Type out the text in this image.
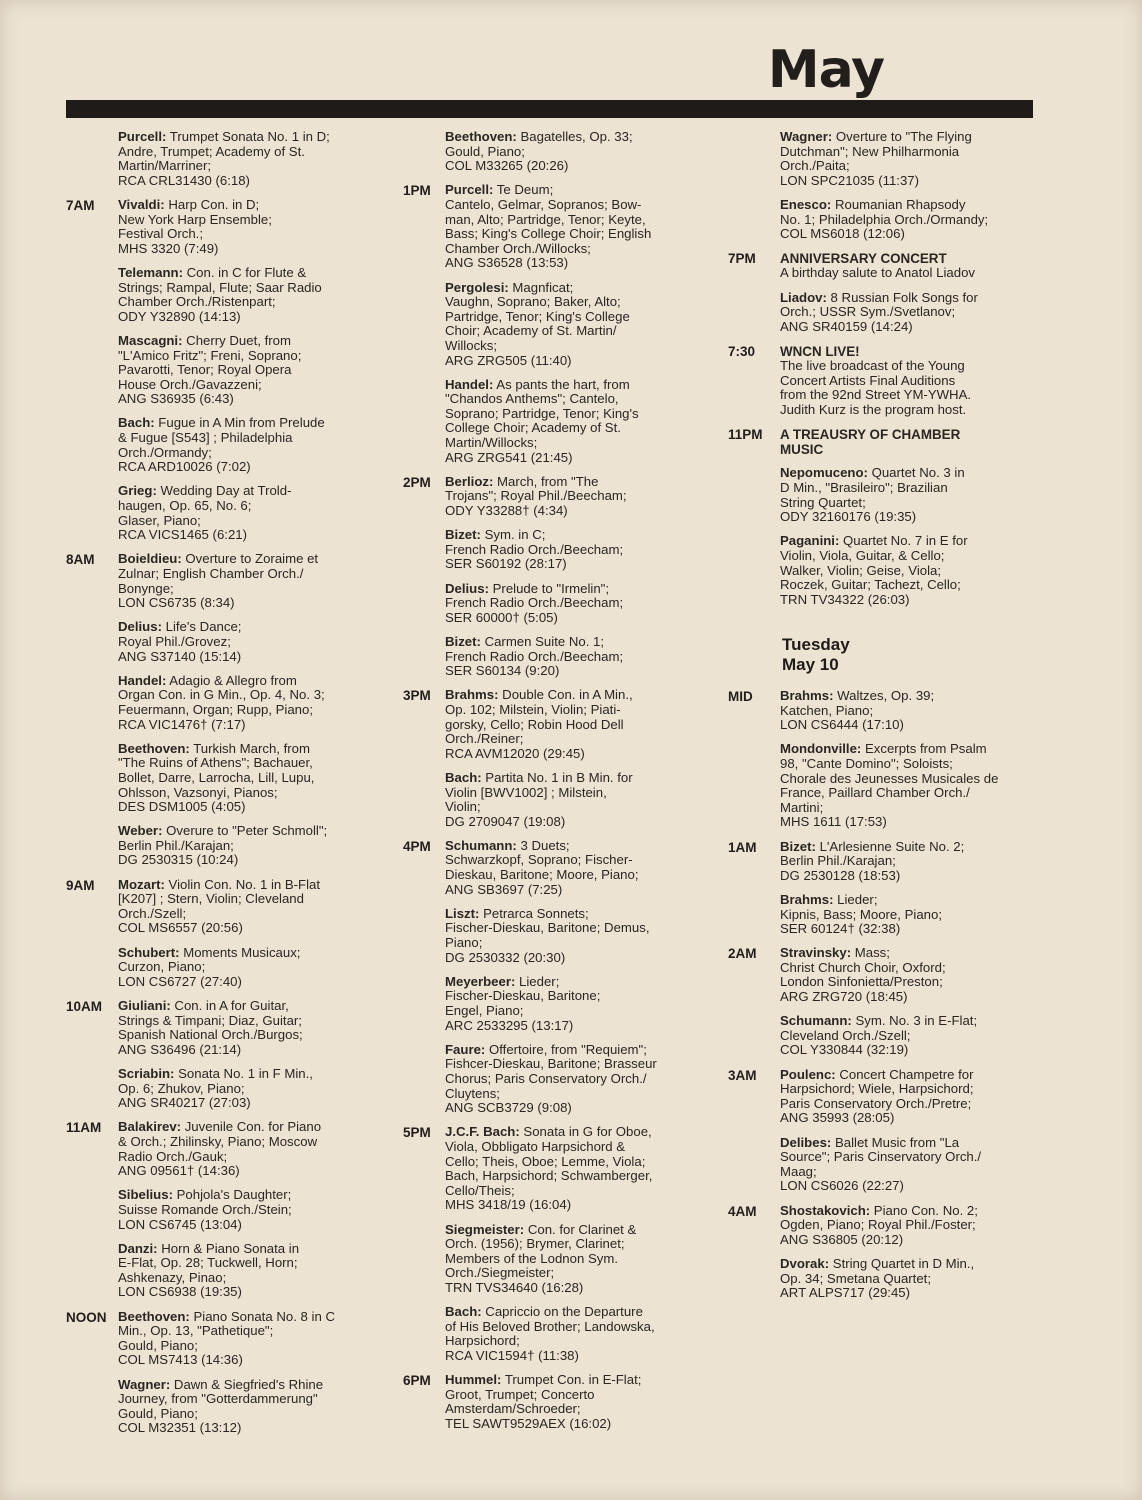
May
Purcell: Trumpet Sonata No. 1 in D;
Andre, Trumpet; Academy of St.
Martin/Marriner;
RCA CRL31430 (6:18)
7AM	Vivaldi: Harp Con. in D;
New York Harp Ensemble;
Festival Orch.;
MHS 3320 (7:49)
Telemann: Con. in C for Flute &
Strings; Rampal, Flute; Saar Radio
Chamber Orch./Ristenpart;
ODY Y32890 (14:13)
Mascagni: Cherry Duet, from
"L'Amico Fritz"; Freni, Soprano;
Pavarotti, Tenor; Royal Opera
House Orch./Gavazzeni;
ANG S36935 (6:43)
Bach: Fugue in A Min from Prelude
& Fugue [S543] ; Philadelphia
Orch./Ormandy;
RCA ARD10026 (7:02)
Grieg: Wedding Day at Trold-
haugen, Op. 65, No. 6;
Glaser, Piano;
RCA VICS1465 (6:21)
8AM	Boieldieu: Overture to Zoraime et
Zulnar; English Chamber Orch./
Bonynge;
LON CS6735 (8:34)
Delius: Life's Dance;
Royal Phil./Grovez;
ANG S37140 (15:14)
Handel: Adagio & Allegro from
Organ Con. in G Min., Op. 4, No. 3;
Feuermann, Organ; Rupp, Piano;
RCA VIC1476† (7:17)
Beethoven: Turkish March, from
"The Ruins of Athens"; Bachauer,
Bollet, Darre, Larrocha, Lill, Lupu,
Ohlsson, Vazsonyi, Pianos;
DES DSM1005 (4:05)
Weber: Overure to "Peter Schmoll";
Berlin Phil./Karajan;
DG 2530315 (10:24)
9AM	Mozart: Violin Con. No. 1 in B-Flat
[K207] ; Stern, Violin; Cleveland
Orch./Szell;
COL MS6557 (20:56)
Schubert: Moments Musicaux;
Curzon, Piano;
LON CS6727 (27:40)
10AM	Giuliani: Con. in A for Guitar,
Strings & Timpani; Diaz, Guitar;
Spanish National Orch./Burgos;
ANG S36496 (21:14)
Scriabin: Sonata No. 1 in F Min.,
Op. 6; Zhukov, Piano;
ANG SR40217 (27:03)
11AM	Balakirev: Juvenile Con. for Piano
& Orch.; Zhilinsky, Piano; Moscow
Radio Orch./Gauk;
ANG 09561† (14:36)
Sibelius: Pohjola's Daughter;
Suisse Romande Orch./Stein;
LON CS6745 (13:04)
Danzi: Horn & Piano Sonata in
E-Flat, Op. 28; Tuckwell, Horn;
Ashkenazy, Pinao;
LON CS6938 (19:35)
NOON Beethoven: Piano Sonata No. 8 in C
Min., Op. 13, "Pathetique";
Gould, Piano;
COL MS7413 (14:36)
Wagner: Dawn & Siegfried's Rhine
Journey, from "Gotterdammerung"
Gould, Piano;
COL M32351 (13:12)
Beethoven: Bagatelles, Op. 33;
Gould, Piano;
COL M33265 (20:26)
1PM	Purcell: Te Deum;
Cantelo, Gelmar, Sopranos; Bow-
man, Alto; Partridge, Tenor; Keyte,
Bass; King's College Choir; English
Chamber Orch./Willocks;
ANG S36528 (13:53)
Pergolesi: Magnficat;
Vaughn, Soprano; Baker, Alto;
Partridge, Tenor; King's College
Choir; Academy of St. Martin/
Willocks;
ARG ZRG505 (11:40)
Handel: As pants the hart, from
"Chandos Anthems"; Cantelo,
Soprano; Partridge, Tenor; King's
College Choir; Academy of St.
Martin/Willocks;
ARG ZRG541 (21:45)
2PM	Berlioz: March, from "The
Trojans"; Royal Phil./Beecham;
ODY Y33288† (4:34)
Bizet: Sym. in C;
French Radio Orch./Beecham;
SER S60192 (28:17)
Delius: Prelude to "Irmelin";
French Radio Orch./Beecham;
SER 60000† (5:05)
Bizet: Carmen Suite No. 1;
French Radio Orch./Beecham;
SER S60134 (9:20)
3PM	Brahms: Double Con. in A Min.,
Op. 102; Milstein, Violin; Piati-
gorsky, Cello; Robin Hood Dell
Orch./Reiner;
RCA AVM12020 (29:45)
Bach: Partita No. 1 in B Min. for
Violin [BWV1002] ; Milstein,
Violin;
DG 2709047 (19:08)
4PM	Schumann: 3 Duets;
Schwarzkopf, Soprano; Fischer-
Dieskau, Baritone; Moore, Piano;
ANG SB3697 (7:25)
Liszt: Petrarca Sonnets;
Fischer-Dieskau, Baritone; Demus,
Piano;
DG 2530332 (20:30)
Meyerbeer: Lieder;
Fischer-Dieskau, Baritone;
Engel, Piano;
ARC 2533295 (13:17)
Faure: Offertoire, from "Requiem";
Fishcer-Dieskau, Baritone; Brasseur
Chorus; Paris Conservatory Orch./
Cluytens;
ANG SCB3729 (9:08)
5PM	J.C.F. Bach: Sonata in G for Oboe,
Viola, Obbligato Harpsichord &
Cello; Theis, Oboe; Lemme, Viola;
Bach, Harpsichord; Schwamberger,
Cello/Theis;
MHS 3418/19 (16:04)
Siegmeister: Con. for Clarinet &
Orch. (1956); Brymer, Clarinet;
Members of the Lodnon Sym.
Orch./Siegmeister;
TRN TVS34640 (16:28)
Bach: Capriccio on the Departure
of His Beloved Brother; Landowska,
Harpsichord;
RCA VIC1594† (11:38)
6PM	Hummel: Trumpet Con. in E-Flat;
Groot, Trumpet; Concerto
Amsterdam/Schroeder;
TEL SAWT9529AEX (16:02)
Wagner: Overture to "The Flying
Dutchman"; New Philharmonia
Orch./Paita;
LON SPC21035 (11:37)
Enesco: Roumanian Rhapsody
No. 1; Philadelphia Orch./Ormandy;
COL MS6018 (12:06)
7PM	ANNIVERSARY CONCERT
A birthday salute to Anatol Liadov
Liadov: 8 Russian Folk Songs for
Orch.; USSR Sym./Svetlanov;
ANG SR40159 (14:24)
7:30	WNCN LIVE!
The live broadcast of the Young
Concert Artists Final Auditions
from the 92nd Street YM-YWHA.
Judith Kurz is the program host.
11PM	A TREAUSRY OF CHAMBER
MUSIC
Nepomuceno: Quartet No. 3 in
D Min., "Brasileiro"; Brazilian
String Quartet;
ODY 32160176 (19:35)
Paganini: Quartet No. 7 in E for
Violin, Viola, Guitar, & Cello;
Walker, Violin; Geise, Viola;
Roczek, Guitar; Tachezt, Cello;
TRN TV34322 (26:03)
Tuesday
May 10
MID	Brahms: Waltzes, Op. 39;
Katchen, Piano;
LON CS6444 (17:10)
Mondonville: Excerpts from Psalm
98, "Cante Domino"; Soloists;
Chorale des Jeunesses Musicales de
France, Paillard Chamber Orch./
Martini;
MHS 1611 (17:53)
1AM	Bizet: L'Arlesienne Suite No. 2;
Berlin Phil./Karajan;
DG 2530128 (18:53)
Brahms: Lieder;
Kipnis, Bass; Moore, Piano;
SER 60124† (32:38)
2AM	Stravinsky: Mass;
Christ Church Choir, Oxford;
London Sinfonietta/Preston;
ARG ZRG720 (18:45)
Schumann: Sym. No. 3 in E-Flat;
Cleveland Orch./Szell;
COL Y330844 (32:19)
3AM	Poulenc: Concert Champetre for
Harpsichord; Wiele, Harpsichord;
Paris Conservatory Orch./Pretre;
ANG 35993 (28:05)
Delibes: Ballet Music from "La
Source"; Paris Cinservatory Orch./
Maag;
LON CS6026 (22:27)
4AM	Shostakovich: Piano Con. No. 2;
Ogden, Piano; Royal Phil./Foster;
ANG S36805 (20:12)
Dvorak: String Quartet in D Min.,
Op. 34; Smetana Quartet;
ART ALPS717 (29:45)
